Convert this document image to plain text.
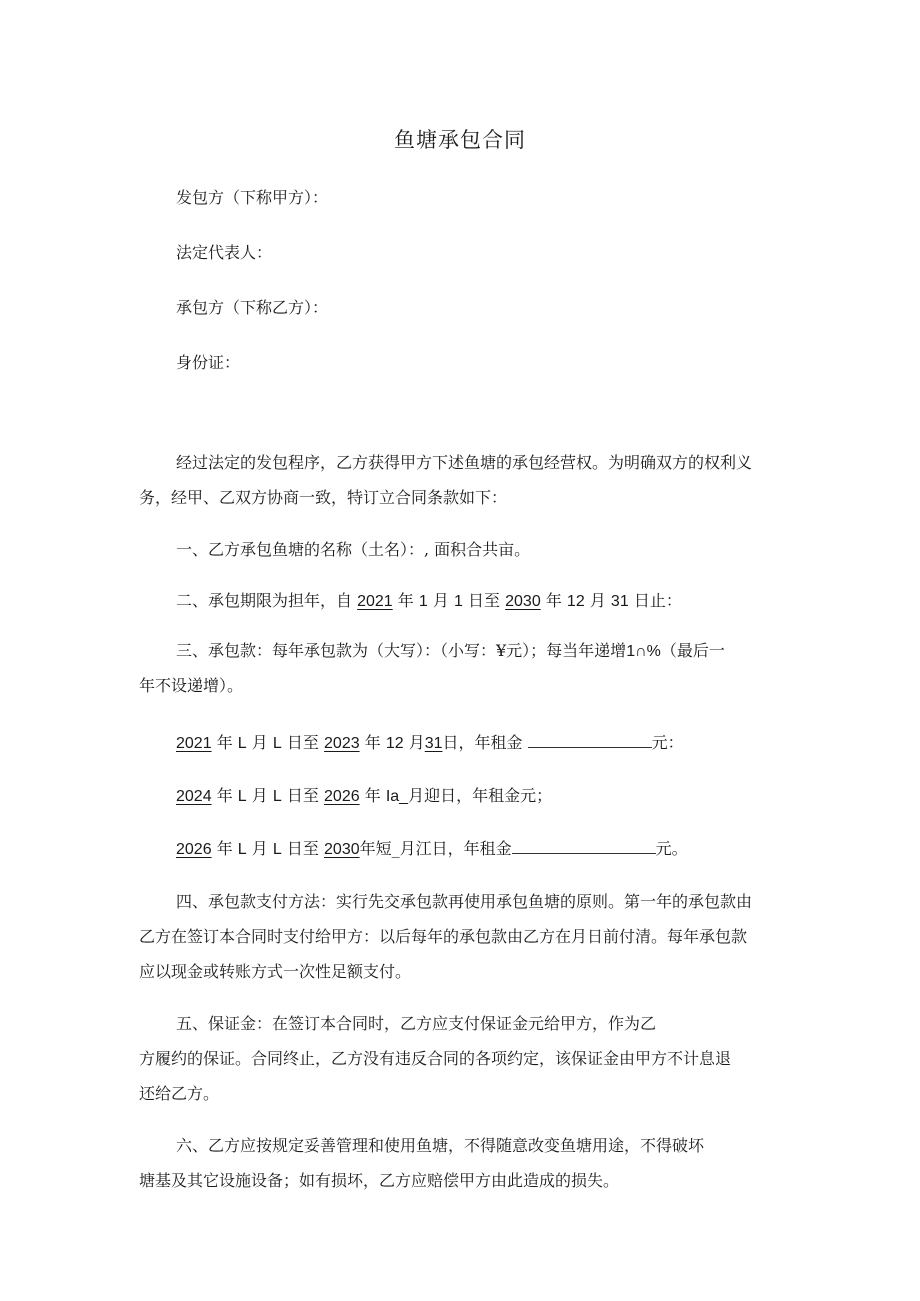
鱼塘承包合同
发包方（下称甲方）：
法定代表人：
承包方（下称乙方）：
身份证：
经过法定的发包程序，乙方获得甲方下述鱼塘的承包经营权。为明确双方的权利义
务，经甲、乙双方协商一致，特订立合同条款如下：
一、乙方承包鱼塘的名称（土名）：, 面积合共亩。
二、承包期限为担年，自 2021 年 1 月 1 日至 2030 年 12 月 31 日止：
三、承包款：每年承包款为（大写）：（小写：¥元）；每当年递增1∩%（最后一
年不设递增）。
2021 年 L 月 L 日至 2023 年 12 月31日，年租金	元：
2024 年 L 月 L 日至 2026 年 Ia_月迎日，年租金元；
2026 年 L 月 L 日至 2030年短_月江日，年租金	元。
四、承包款支付方法：实行先交承包款再使用承包鱼塘的原则。第一年的承包款由
乙方在签订本合同时支付给甲方：以后每年的承包款由乙方在月日前付清。每年承包款
应以现金或转账方式一次性足额支付。
五、保证金：在签订本合同时，乙方应支付保证金元给甲方，作为乙
方履约的保证。合同终止，乙方没有违反合同的各项约定，该保证金由甲方不计息退
还给乙方。
六、乙方应按规定妥善管理和使用鱼塘，不得随意改变鱼塘用途，不得破坏
塘基及其它设施设备；如有损坏，乙方应赔偿甲方由此造成的损失。
